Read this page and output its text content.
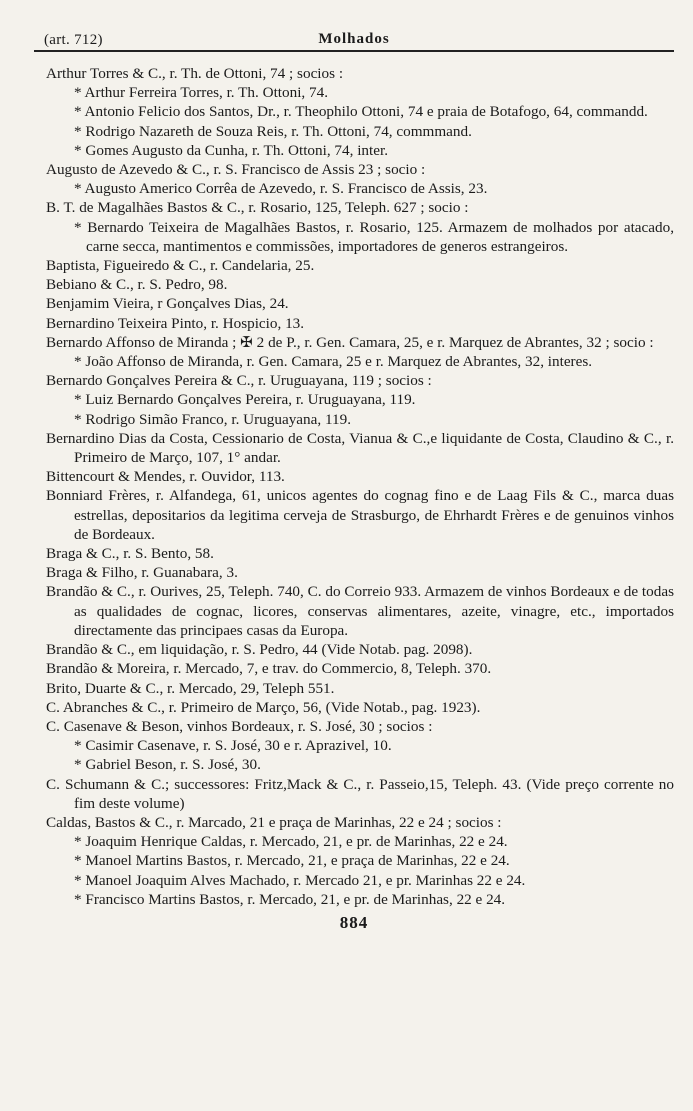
(art. 712)	Molhados
Arthur Torres & C., r. Th. de Ottoni, 74 ; socios :
* Arthur Ferreira Torres, r. Th. Ottoni, 74.
* Antonio Felicio dos Santos, Dr., r. Theophilo Ottoni, 74 e praia de Botafogo, 64, commandd.
* Rodrigo Nazareth de Souza Reis, r. Th. Ottoni, 74, commmand.
* Gomes Augusto da Cunha, r. Th. Ottoni, 74, inter.
Augusto de Azevedo & C., r. S. Francisco de Assis 23 ; socio :
* Augusto Americo Corrêa de Azevedo, r. S. Francisco de Assis, 23.
B. T. de Magalhães Bastos & C., r. Rosario, 125, Teleph. 627 ; socio :
* Bernardo Teixeira de Magalhães Bastos, r. Rosario, 125. Armazem de molhados por atacado, carne secca, mantimentos e commissões, importadores de generos estrangeiros.
Baptista, Figueiredo & C., r. Candelaria, 25.
Bebiano & C., r. S. Pedro, 98.
Benjamim Vieira, r Gonçalves Dias, 24.
Bernardino Teixeira Pinto, r. Hospicio, 13.
Bernardo Affonso de Miranda ; ✠ 2 de P., r. Gen. Camara, 25, e r. Marquez de Abrantes, 32 ; socio :
* João Affonso de Miranda, r. Gen. Camara, 25 e r. Marquez de Abrantes, 32, interes.
Bernardo Gonçalves Pereira & C., r. Uruguayana, 119 ; socios :
* Luiz Bernardo Gonçalves Pereira, r. Uruguayana, 119.
* Rodrigo Simão Franco, r. Uruguayana, 119.
Bernardino Dias da Costa, Cessionario de Costa, Vianua & C.,e liquidante de Costa, Claudino & C., r. Primeiro de Março, 107, 1° andar.
Bittencourt & Mendes, r. Ouvidor, 113.
Bonniard Frères, r. Alfandega, 61, unicos agentes do cognag fino e de Laag Fils & C., marca duas estrellas, depositarios da legitima cerveja de Strasburgo, de Ehrhardt Frères e de genuinos vinhos de Bordeaux.
Braga & C., r. S. Bento, 58.
Braga & Filho, r. Guanabara, 3.
Brandão & C., r. Ourives, 25, Teleph. 740, C. do Correio 933. Armazem de vinhos Bordeaux e de todas as qualidades de cognac, licores, conservas alimentares, azeite, vinagre, etc., importados directamente das principaes casas da Europa.
Brandão & C., em liquidação, r. S. Pedro, 44 (Vide Notab. pag. 2098).
Brandão & Moreira, r. Mercado, 7, e trav. do Commercio, 8, Teleph. 370.
Brito, Duarte & C., r. Mercado, 29, Teleph 551.
C. Abranches & C., r. Primeiro de Março, 56, (Vide Notab., pag. 1923).
C. Casenave & Beson, vinhos Bordeaux, r. S. José, 30 ; socios :
* Casimir Casenave, r. S. José, 30 e r. Aprazivel, 10.
* Gabriel Beson, r. S. José, 30.
C. Schumann & C.; successores: Fritz,Mack & C., r. Passeio,15, Teleph. 43. (Vide preço corrente no fim deste volume)
Caldas, Bastos & C., r. Marcado, 21 e praça de Marinhas, 22 e 24 ; socios :
* Joaquim Henrique Caldas, r. Mercado, 21, e pr. de Marinhas, 22 e 24.
* Manoel Martins Bastos, r. Mercado, 21, e praça de Marinhas, 22 e 24.
* Manoel Joaquim Alves Machado, r. Mercado 21, e pr. Marinhas 22 e 24.
* Francisco Martins Bastos, r. Mercado, 21, e pr. de Marinhas, 22 e 24.
884
